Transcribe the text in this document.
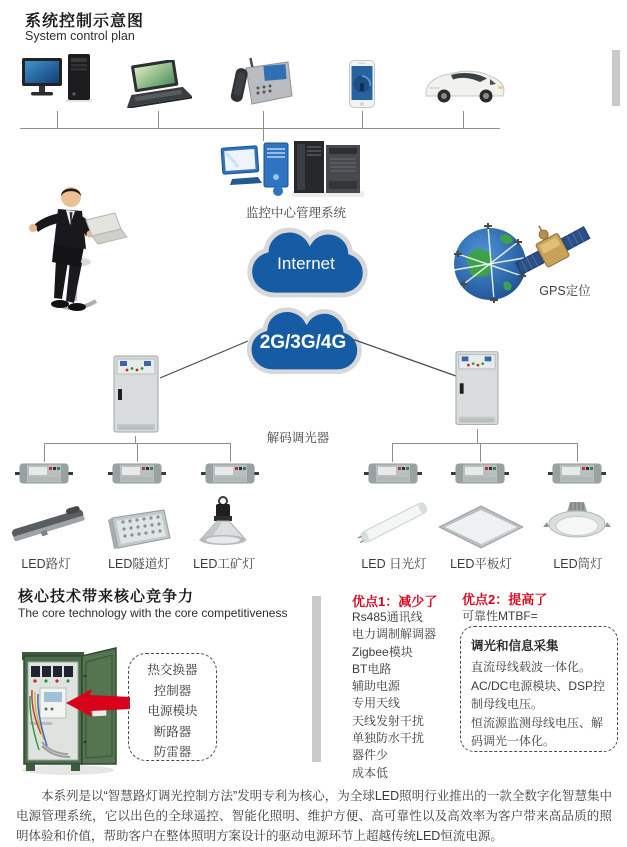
系统控制示意图
System control plan
监控中心管理系统
Internet
GPS定位
2G/3G/4G
解码调光器
LED路灯	LED隧道灯	LED工矿灯	LED 日光灯	LED平板灯	LED筒灯
核心技术带来核心竞争力
The core technology with the core competitiveness
热交换器
控制器
电源模块
断路器
防雷器
优点1：减少了
Rs485通讯线
电力调制解调器
Zigbee模块
BT电路
辅助电源
专用天线
天线发射干扰
单独防水干扰
器件少
成本低
优点2：提高了
可靠性MTBF=
调光和信息采集
直流母线载波一体化。
AC/DC电源模块、DSP控制母线电压。
恒流源监测母线电压、解码调光一体化。
本系列是以“智慧路灯调光控制方法”发明专利为核心，为全球LED照明行业推出的一款全数字化智慧集中电源管理系统，它以出色的全球遥控、智能化照明、维护方便、高可靠性以及高效率为客户带来高品质的照明体验和价值，帮助客户在整体照明方案设计的驱动电源环节上超越传统LED恒流电源。
